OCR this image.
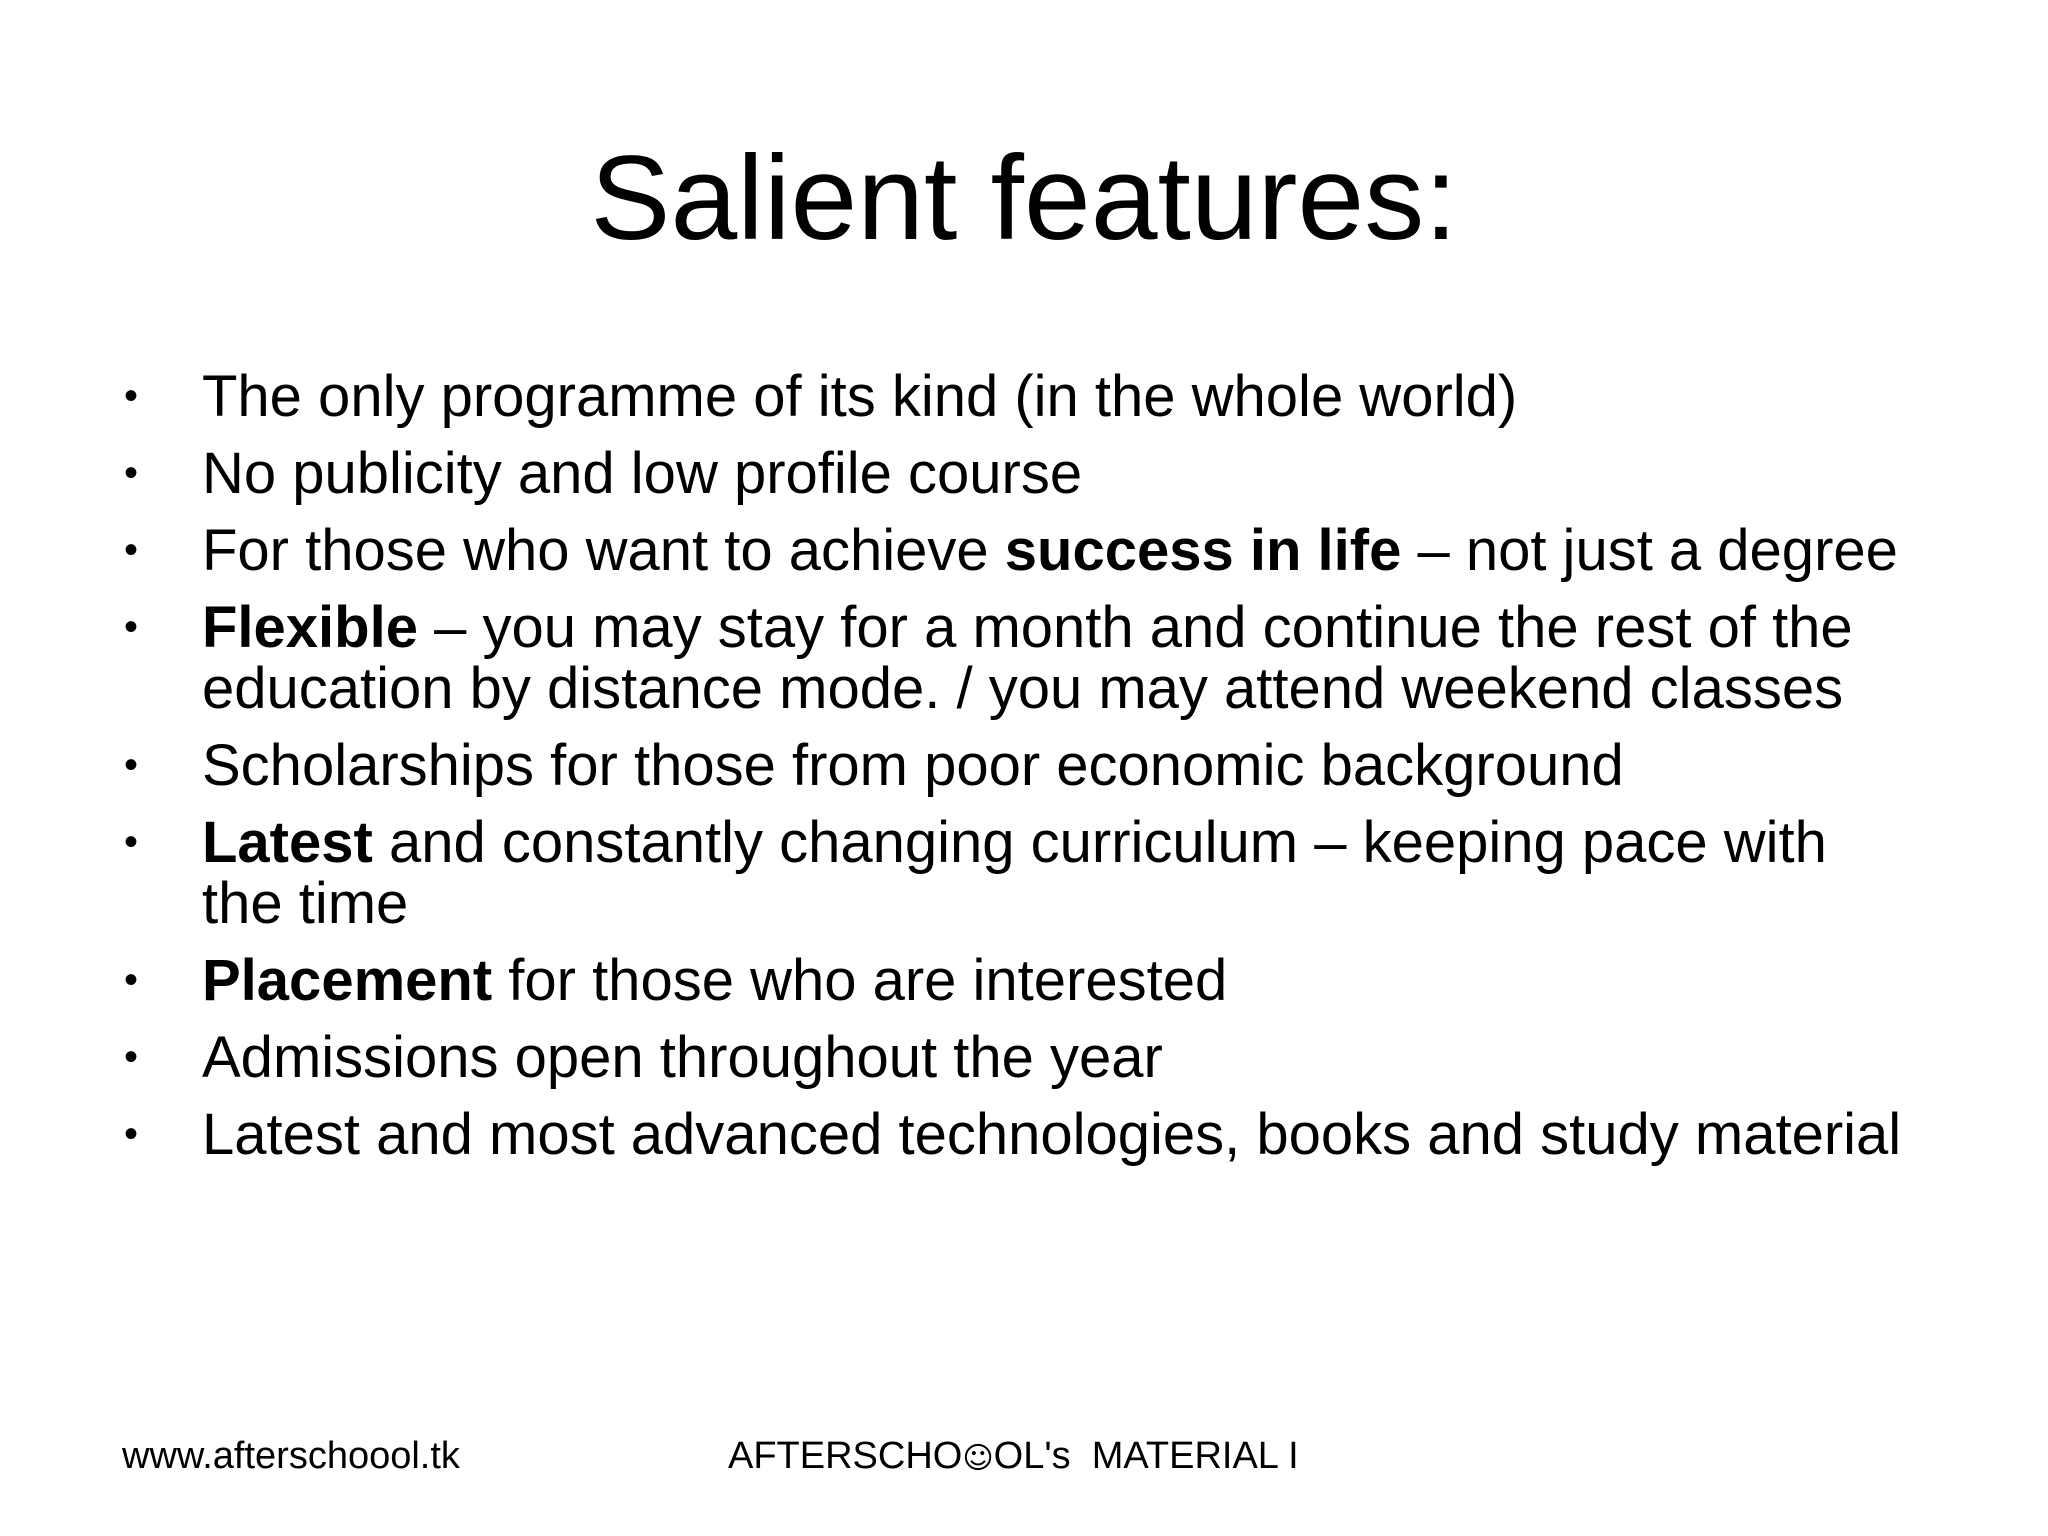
Salient features:
• The only programme of its kind (in the whole world)
• No publicity and low profile course
• For those who want to achieve success in life – not just a degree
• Flexible – you may stay for a month and continue the rest of the education by distance mode. / you may attend weekend classes
• Scholarships for those from poor economic background
• Latest and constantly changing curriculum – keeping pace with the time
• Placement for those who are interested
• Admissions open throughout the year
• Latest and most advanced technologies, books and study material
www.afterschoool.tk	AFTERSCHO☺OL's  MATERIAL I
